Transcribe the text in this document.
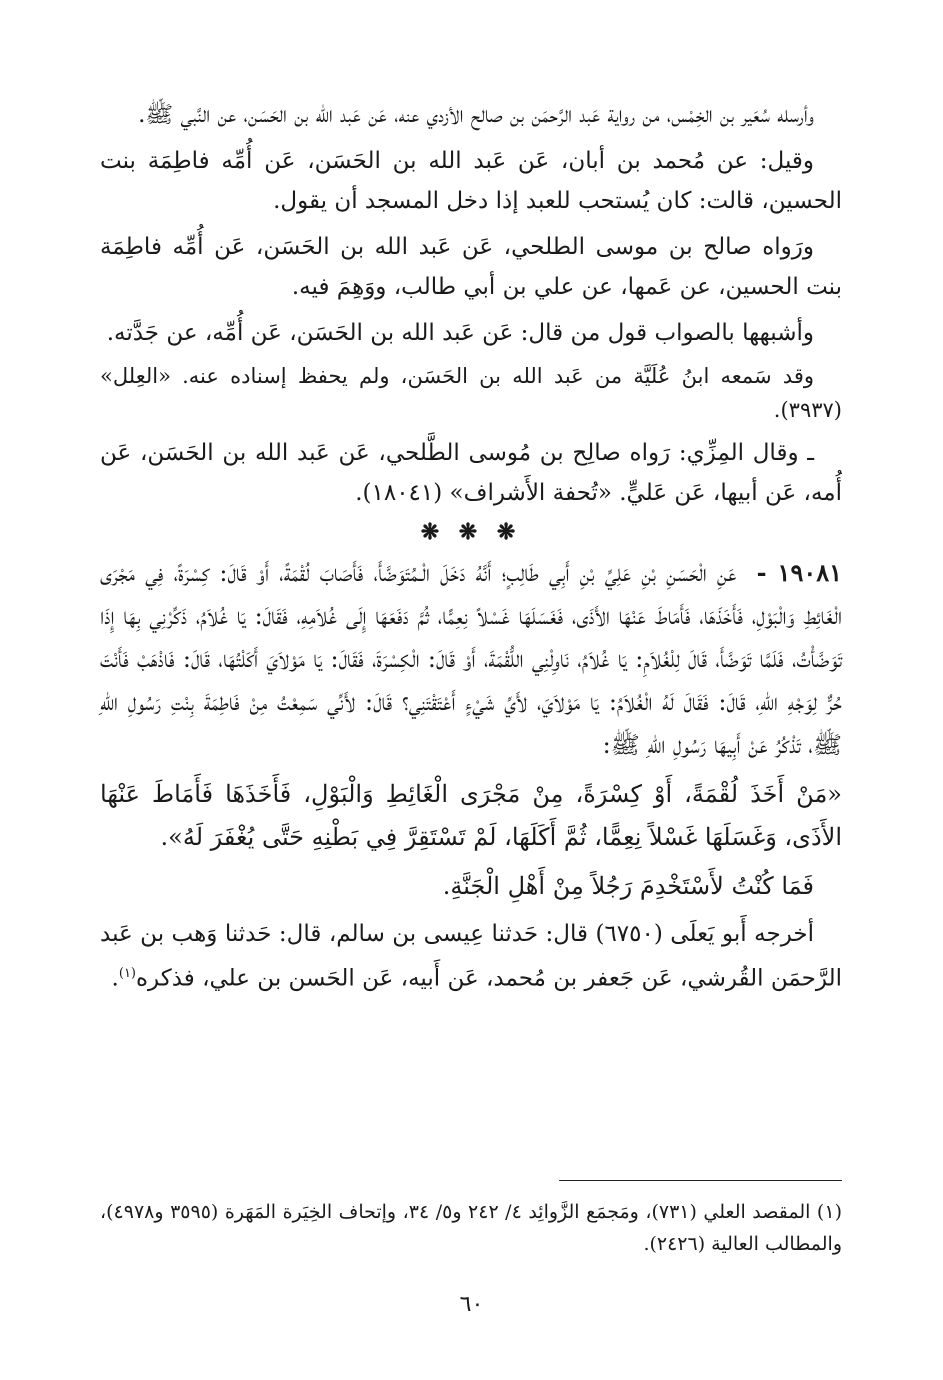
وأرسله سُعَير بن الخِمْس، من رواية عَبد الرَّحمَن بن صالح الأزدي عنه، عَن عَبد الله بن الحَسَن، عن النَّبي ﷺ.

وقيل: عن مُحمد بن أبان، عَن عَبد الله بن الحَسَن، عَن أُمِّه فاطِمَة بنت الحسين، قالت: كان يُستحب للعبد إذا دخل المسجد أن يقول.

ورَواه صالح بن موسى الطلحي، عَن عَبد الله بن الحَسَن، عَن أُمِّه فاطِمَة بنت الحسين، عن عَمها، عن علي بن أبي طالب، ووَهِمَ فيه.

وأشبهها بالصواب قول من قال: عَن عَبد الله بن الحَسَن، عَن أُمِّه، عن جَدَّته.

وقد سَمعه ابنُ عُلَيَّة من عَبد الله بن الحَسَن، ولم يحفظ إسناده عنه. «العِلل» (٣٩٣٧).

ـ وقال المِزِّي: رَواه صالِح بن مُوسى الطَّلحي، عَن عَبد الله بن الحَسَن، عَن أُمه، عَن أبيها، عَن عَليٍّ. «تُحفة الأَشراف» (١٨٠٤١).

❋ ❋ ❋

١٩٠٨١ - عَنِ الْحَسَنِ بْنِ عَلِيِّ بْنِ أَبِي طَالِبٍ؛ أَنَّهُ دَخَلَ الْـمُتَوَضَّأَ، فَأَصَابَ لُقْمَةً، أَوْ قَالَ: كِسْرَةً، فِي مَجْرَى الْغَائِطِ وَالْبَوْلِ، فَأَخَذَهَا، فَأَمَاطَ عَنْهَا الأَذَى، فَغَسَلَهَا غَسْلاً نِعِمًّا، ثُمَّ دَفَعَهَا إِلَى غُلاَمِهِ، فَقَالَ: يَا غُلاَمُ، ذَكِّرْنِي بِهَا إِذَا تَوَضَّأْتُ، فَلَمَّا تَوَضَّأَ، قَالَ لِلْغُلاَمِ: يَا غُلاَمُ، نَاوِلْنِي اللُّقْمَةَ، أَوْ قَالَ: الْكِسْرَةَ، فَقَالَ: يَا مَوْلاَيَ أَكَلْتُهَا، قَالَ: فَاذْهَبْ فَأَنْتَ حُرٌّ لِوَجْهِ اللهِ، قَالَ: فَقَالَ لَهُ الْغُلاَمُ: يَا مَوْلاَيَ، لأَيِّ شَيْءٍ أَعْتَقْتَنِي؟ قَالَ: لأَنِّي سَمِعْتُ مِنْ فَاطِمَةَ بِنْتِ رَسُولِ اللهِ ﷺ، تَذْكُرُ عَنْ أَبِيهَا رَسُولِ اللهِ ﷺ:

«مَنْ أَخَذَ لُقْمَةً، أَوْ كِسْرَةً، مِنْ مَجْرَى الْغَائِطِ وَالْبَوْلِ، فَأَخَذَهَا فَأَمَاطَ عَنْهَا الأَذَى، وَغَسَلَهَا غَسْلاً نِعِمًّا، ثُمَّ أَكَلَهَا، لَمْ تَسْتَقِرَّ فِي بَطْنِهِ حَتَّى يُغْفَرَ لَهُ».

فَمَا كُنْتُ لأَسْتَخْدِمَ رَجُلاً مِنْ أَهْلِ الْجَنَّةِ.

أخرجه أَبو يَعلَى (٦٧٥٠) قال: حَدثنا عِيسى بن سالم، قال: حَدثنا وَهب بن عَبد الرَّحمَن القُرشي، عَن جَعفر بن مُحمد، عَن أَبيه، عَن الحَسن بن علي، فذكره$^{(١)}$.

(١) المقصد العلي (٧٣١)، ومَجمَع الزَّوائِد ٤/ ٢٤٢ و٥/ ٣٤، وإتحاف الخِيَرة المَهَرة (٣٥٩٥ و٤٩٧٨)، والمطالب العالية (٢٤٢٦).
٦٠
